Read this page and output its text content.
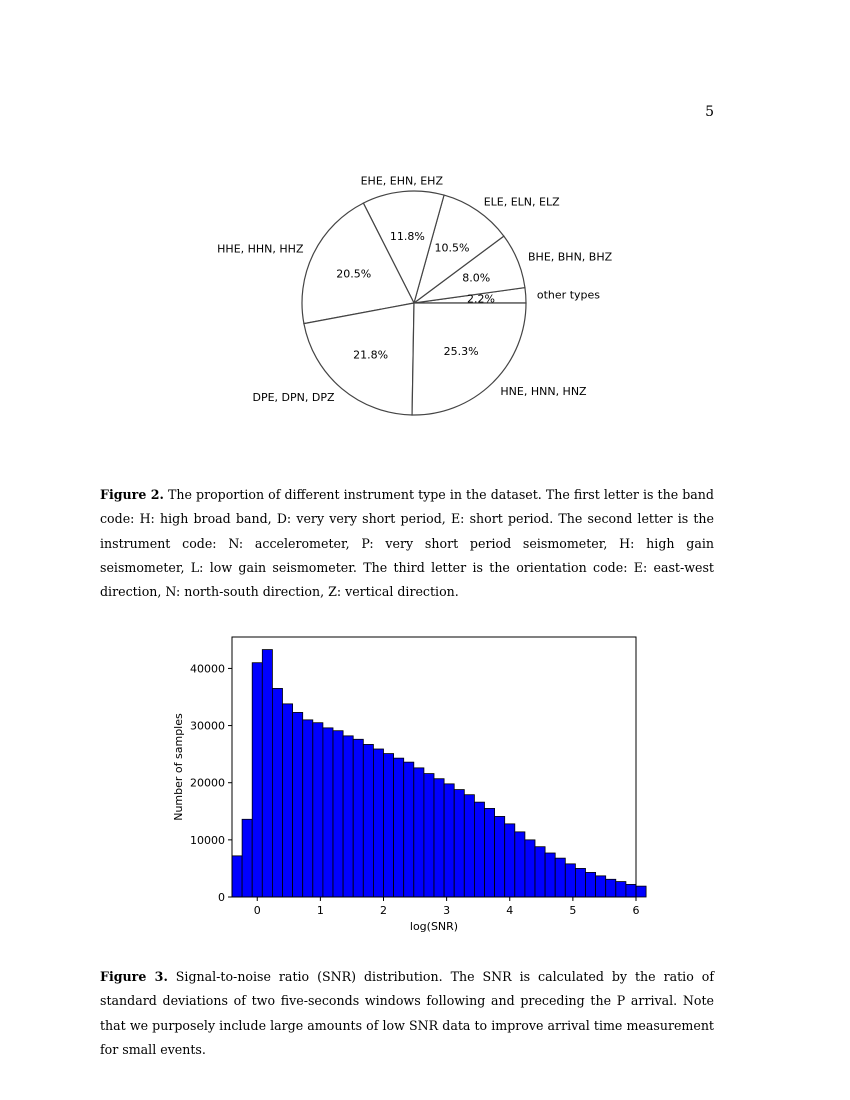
5
2.2%	other types
8.0%
BHE, BHN, BHZ
10.5%
ELE, ELN, ELZ
11.8%
EHE, EHN, EHZ
20.5%
HHE, HHN, HHZ
21.8%
DPE, DPN, DPZ
25.3%
HNE, HNN, HNZ
Figure 2. The proportion of different instrument type in the dataset. The first letter is the band code: H: high broad band, D: very very short period, E: short period. The second letter is the instrument code: N: accelerometer, P: very short period seismometer, H: high gain seismometer, L: low gain seismometer. The third letter is the orientation code: E: east-west direction, N: north-south direction, Z: vertical direction.
0	1	2	3	4	5	6
0
10000
20000
30000
40000
log(SNR)
Number of samples
Figure 3. Signal-to-noise ratio (SNR) distribution. The SNR is calculated by the ratio of standard deviations of two five-seconds windows following and preceding the P arrival. Note that we purposely include large amounts of low SNR data to improve arrival time measurement for small events.
